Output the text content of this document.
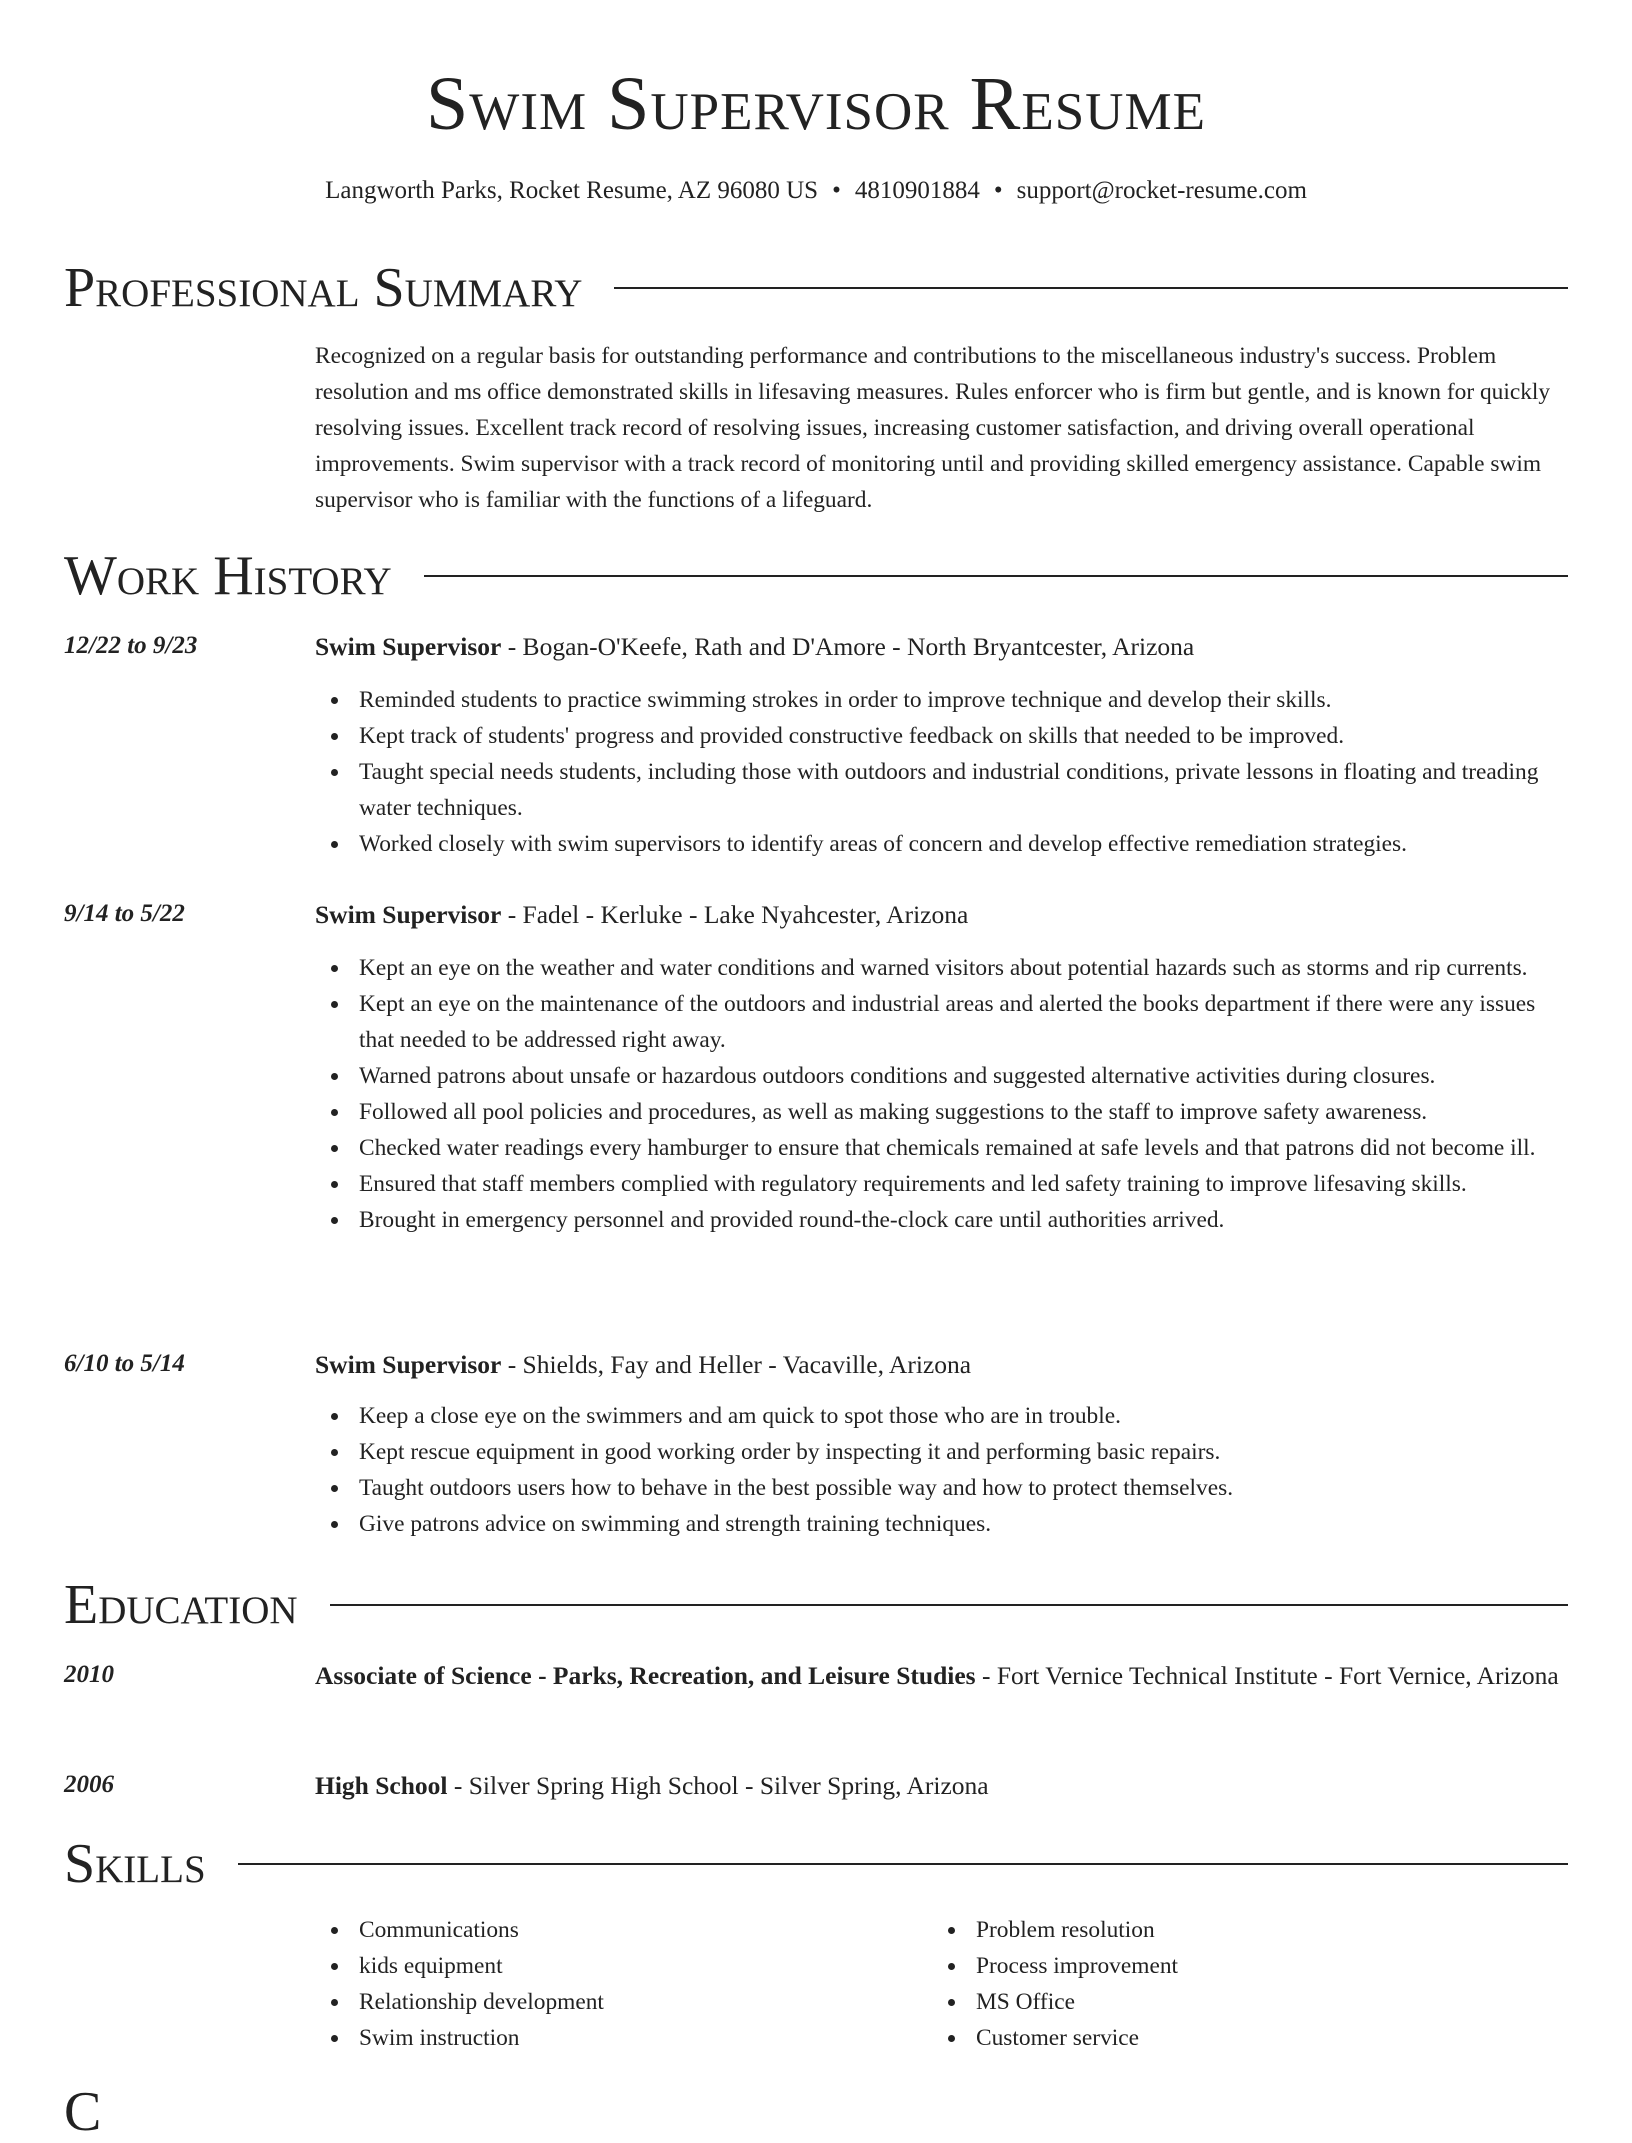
Swim Supervisor Resume
Langworth Parks, Rocket Resume, AZ 96080 US • 4810901884 • support@rocket-resume.com
Professional Summary
Recognized on a regular basis for outstanding performance and contributions to the miscellaneous industry's success. Problem resolution and ms office demonstrated skills in lifesaving measures. Rules enforcer who is firm but gentle, and is known for quickly resolving issues. Excellent track record of resolving issues, increasing customer satisfaction, and driving overall operational improvements. Swim supervisor with a track record of monitoring until and providing skilled emergency assistance. Capable swim supervisor who is familiar with the functions of a lifeguard.
Work History
12/22 to 9/23	Swim Supervisor - Bogan-O'Keefe, Rath and D'Amore - North Bryantcester, Arizona
Reminded students to practice swimming strokes in order to improve technique and develop their skills.
Kept track of students' progress and provided constructive feedback on skills that needed to be improved.
Taught special needs students, including those with outdoors and industrial conditions, private lessons in floating and treading water techniques.
Worked closely with swim supervisors to identify areas of concern and develop effective remediation strategies.
9/14 to 5/22	Swim Supervisor - Fadel - Kerluke - Lake Nyahcester, Arizona
Kept an eye on the weather and water conditions and warned visitors about potential hazards such as storms and rip currents.
Kept an eye on the maintenance of the outdoors and industrial areas and alerted the books department if there were any issues that needed to be addressed right away.
Warned patrons about unsafe or hazardous outdoors conditions and suggested alternative activities during closures.
Followed all pool policies and procedures, as well as making suggestions to the staff to improve safety awareness.
Checked water readings every hamburger to ensure that chemicals remained at safe levels and that patrons did not become ill.
Ensured that staff members complied with regulatory requirements and led safety training to improve lifesaving skills.
Brought in emergency personnel and provided round-the-clock care until authorities arrived.
6/10 to 5/14	Swim Supervisor - Shields, Fay and Heller - Vacaville, Arizona
Keep a close eye on the swimmers and am quick to spot those who are in trouble.
Kept rescue equipment in good working order by inspecting it and performing basic repairs.
Taught outdoors users how to behave in the best possible way and how to protect themselves.
Give patrons advice on swimming and strength training techniques.
Education
2010	Associate of Science - Parks, Recreation, and Leisure Studies - Fort Vernice Technical Institute - Fort Vernice, Arizona
2006	High School - Silver Spring High School - Silver Spring, Arizona
Skills
Communications
kids equipment
Relationship development
Swim instruction
Problem resolution
Process improvement
MS Office
Customer service
C
